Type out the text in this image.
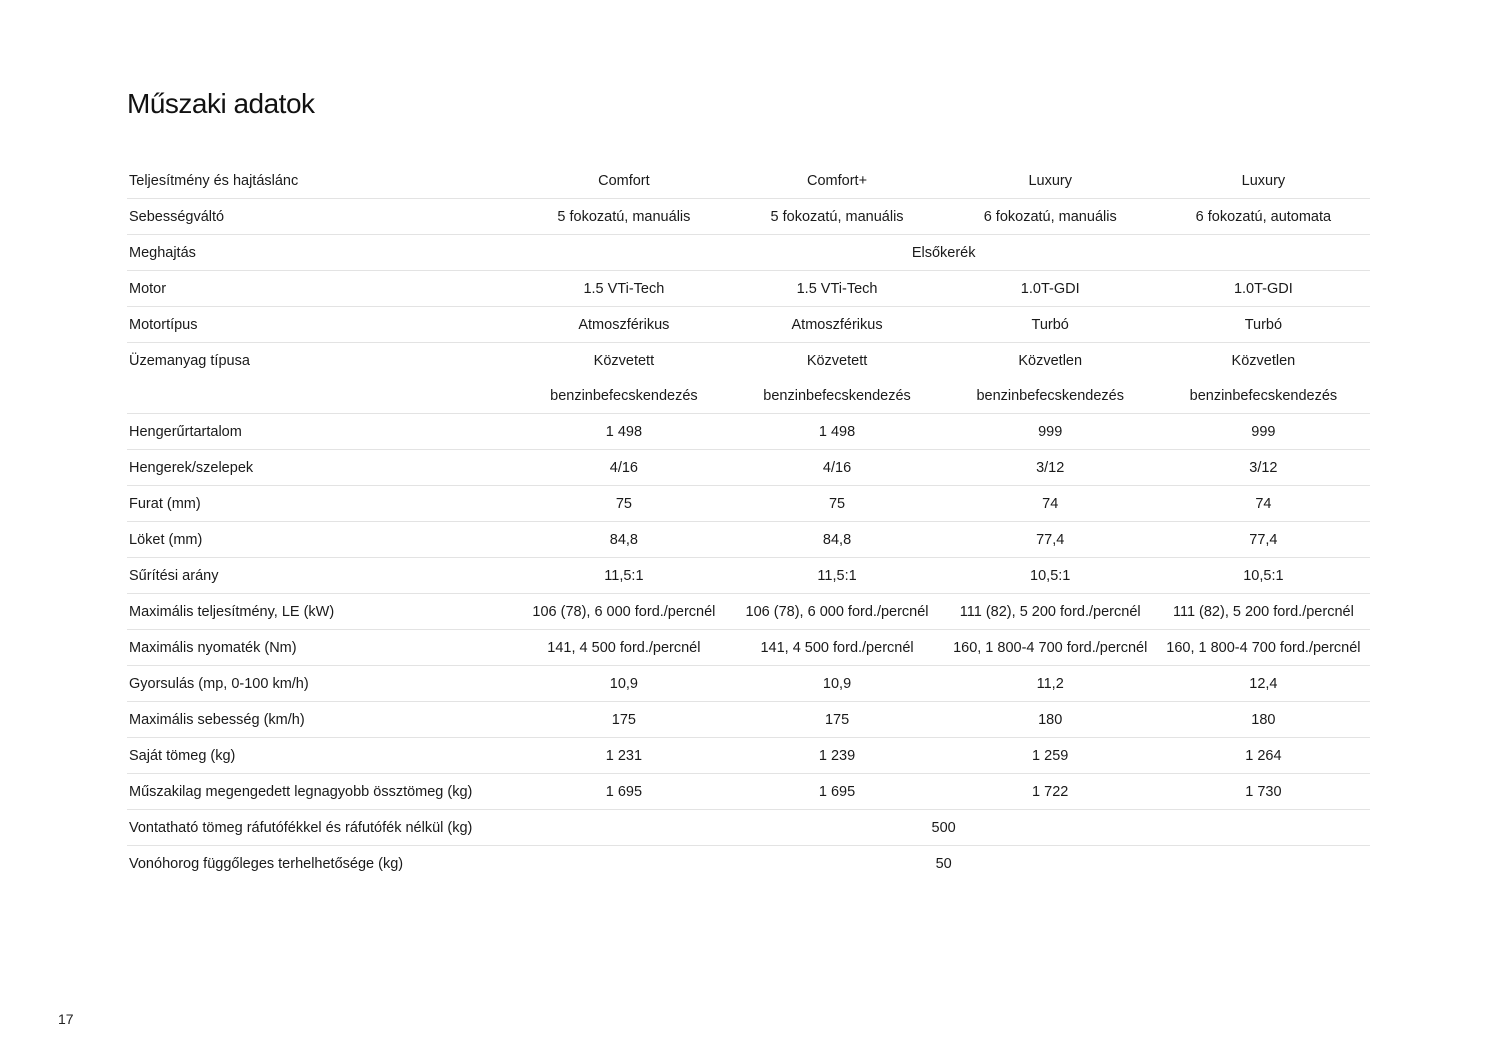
Műszaki adatok
Teljesítmény és hajtáslánc	Comfort	Comfort+	Luxury	Luxury
Sebességváltó	5 fokozatú, manuális	5 fokozatú, manuális	6 fokozatú, manuális	6 fokozatú, automata
Meghajtás	Elsőkerék			
Motor	1.5 VTi-Tech	1.5 VTi-Tech	1.0T-GDI	1.0T-GDI
Motortípus	Atmoszférikus	Atmoszférikus	Turbó	Turbó
Üzemanyag típusa	Közvetett	Közvetett	Közvetlen	Közvetlen
	benzinbefecskendezés	benzinbefecskendezés	benzinbefecskendezés	benzinbefecskendezés
Hengerűrtartalom	1 498	1 498	999	999
Hengerek/szelepek	4/16	4/16	3/12	3/12
Furat (mm)	75	75	74	74
Löket (mm)	84,8	84,8	77,4	77,4
Sűrítési arány	11,5:1	11,5:1	10,5:1	10,5:1
Maximális teljesítmény, LE (kW)	106 (78), 6 000 ford./percnél	106 (78), 6 000 ford./percnél	111 (82), 5 200 ford./percnél	111 (82), 5 200 ford./percnél
Maximális nyomaték (Nm)	141, 4 500 ford./percnél	141, 4 500 ford./percnél	160, 1 800-4 700 ford./percnél	160, 1 800-4 700 ford./percnél
Gyorsulás (mp, 0-100 km/h)	10,9	10,9	11,2	12,4
Maximális sebesség (km/h)	175	175	180	180
Saját tömeg (kg)	1 231	1 239	1 259	1 264
Műszakilag megengedett legnagyobb össztömeg (kg)	1 695	1 695	1 722	1 730
Vontatható tömeg ráfutófékkel és ráfutófék nélkül (kg)	500			
Vonóhorog függőleges terhelhetősége (kg)	50			
17
